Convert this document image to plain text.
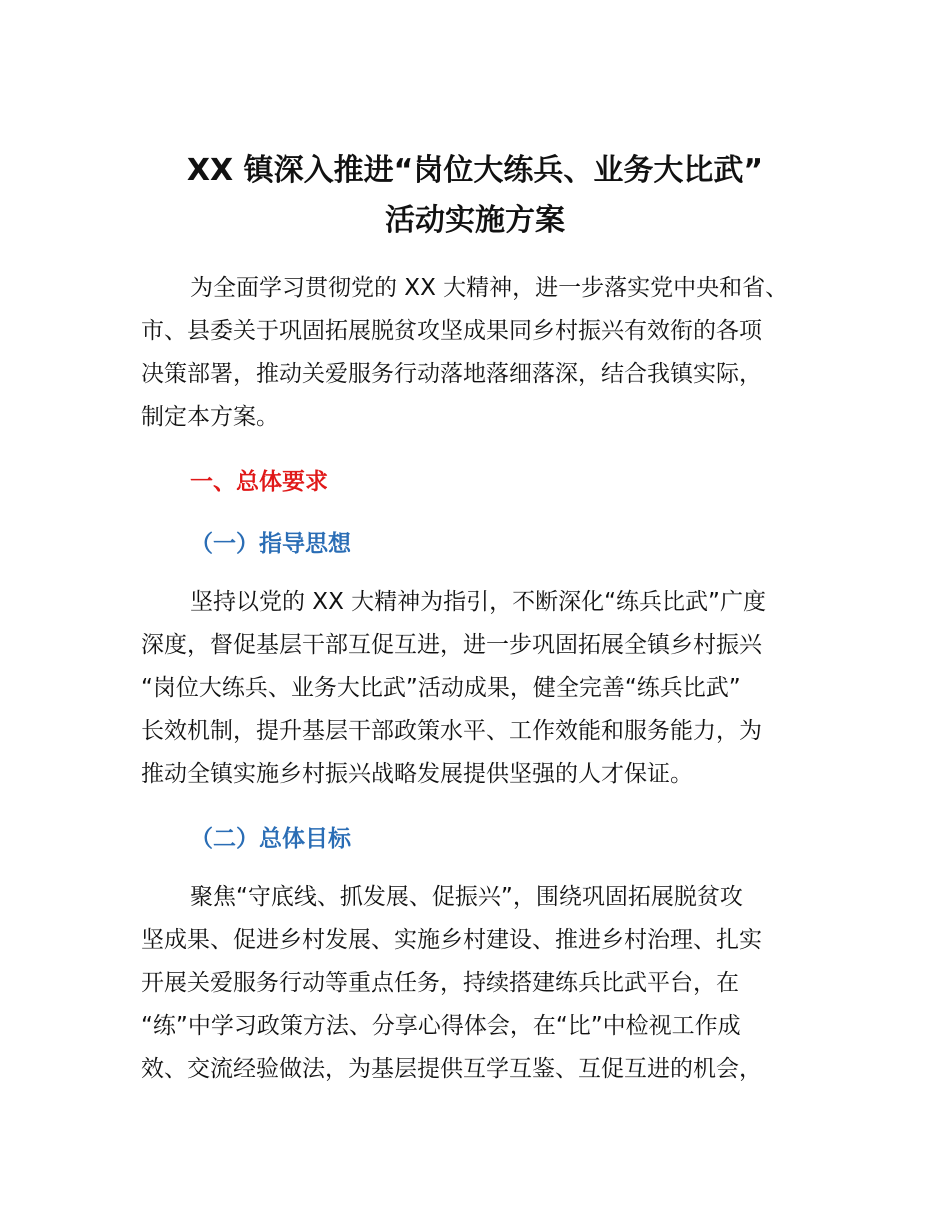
XX 镇深入推进“岗位大练兵、业务大比武”
活动实施方案

为全面学习贯彻党的 XX 大精神，进一步落实党中央和省、

市、县委关于巩固拓展脱贫攻坚成果同乡村振兴有效衔的各项

决策部署，推动关爱服务行动落地落细落深，结合我镇实际，

制定本方案。

一、总体要求
（一）指导思想

坚持以党的 XX 大精神为指引，不断深化“练兵比武”广度

深度，督促基层干部互促互进，进一步巩固拓展全镇乡村振兴

“岗位大练兵、业务大比武”活动成果，健全完善“练兵比武”

长效机制，提升基层干部政策水平、工作效能和服务能力，为

推动全镇实施乡村振兴战略发展提供坚强的人才保证。

（二）总体目标

聚焦“守底线、抓发展、促振兴”，围绕巩固拓展脱贫攻

坚成果、促进乡村发展、实施乡村建设、推进乡村治理、扎实

开展关爱服务行动等重点任务，持续搭建练兵比武平台，在

“练”中学习政策方法、分享心得体会，在“比”中检视工作成

效、交流经验做法，为基层提供互学互鉴、互促互进的机会，
